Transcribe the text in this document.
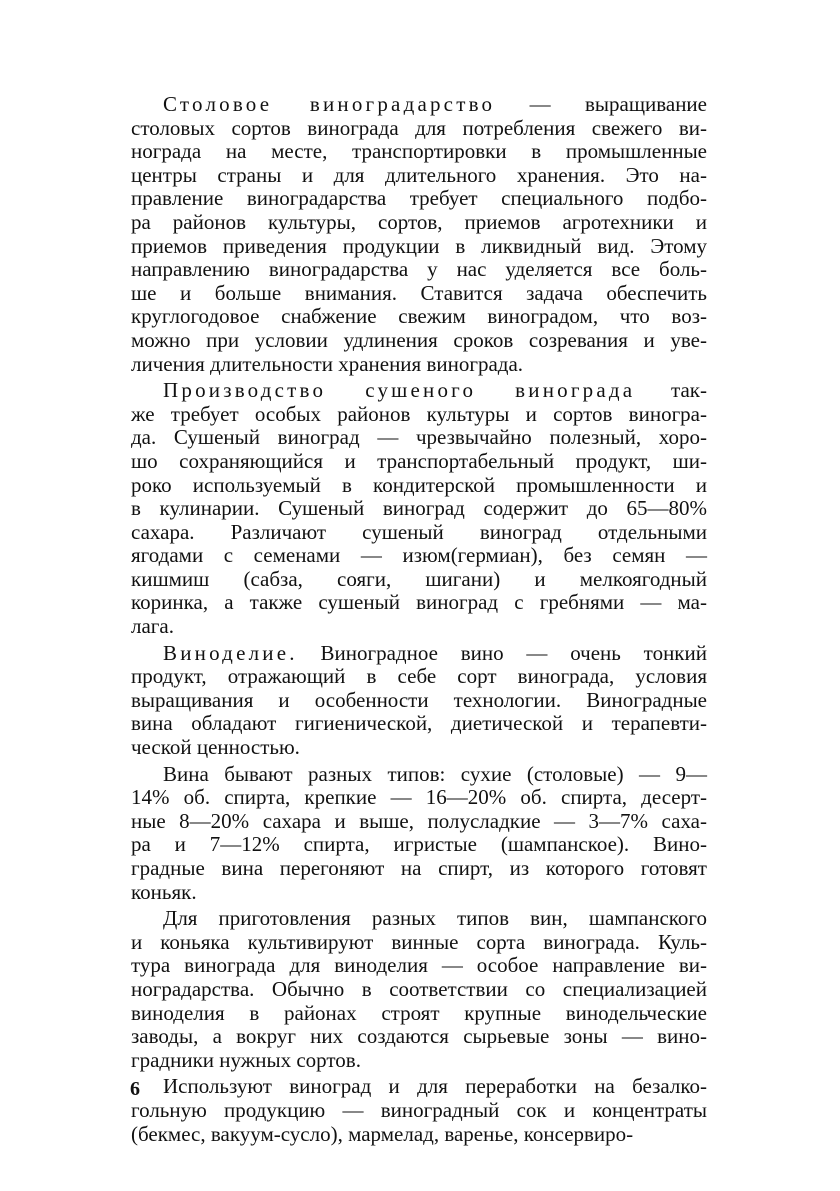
Столовое виноградарство — выращивание
столовых сортов винограда для потребления свежего ви-
нограда на месте, транспортировки в промышленные
центры страны и для длительного хранения. Это на-
правление виноградарства требует специального подбо-
ра районов культуры, сортов, приемов агротехники и
приемов приведения продукции в ликвидный вид. Этому
направлению виноградарства у нас уделяется все боль-
ше и больше внимания. Ставится задача обеспечить
круглогодовое снабжение свежим виноградом, что воз-
можно при условии удлинения сроков созревания и уве-
личения длительности хранения винограда.
Производство сушеного винограда так-
же требует особых районов культуры и сортов виногра-
да. Сушеный виноград — чрезвычайно полезный, хоро-
шо сохраняющийся и транспортабельный продукт, ши-
роко используемый в кондитерской промышленности и
в кулинарии. Сушеный виноград содержит до 65—80%
сахара. Различают сушеный виноград отдельными
ягодами с семенами — изюм(гермиан), без семян —
кишмиш (сабза, сояги, шигани) и мелкоягодный
коринка, а также сушеный виноград с гребнями — ма-
лага.
Виноделие. Виноградное вино — очень тонкий
продукт, отражающий в себе сорт винограда, условия
выращивания и особенности технологии. Виноградные
вина обладают гигиенической, диетической и терапевти-
ческой ценностью.
Вина бывают разных типов: сухие (столовые) — 9—
14% об. спирта, крепкие — 16—20% об. спирта, десерт-
ные 8—20% сахара и выше, полусладкие — 3—7% саха-
ра и 7—12% спирта, игристые (шампанское). Вино-
градные вина перегоняют на спирт, из которого готовят
коньяк.
Для приготовления разных типов вин, шампанского
и коньяка культивируют винные сорта винограда. Куль-
тура винограда для виноделия — особое направление ви-
ноградарства. Обычно в соответствии со специализацией
виноделия в районах строят крупные винодельческие
заводы, а вокруг них создаются сырьевые зоны — вино-
градники нужных сортов.
Используют виноград и для переработки на безалко-
гольную продукцию — виноградный сок и концентраты
(бекмес, вакуум-сусло), мармелад, варенье, консервиро-
6
